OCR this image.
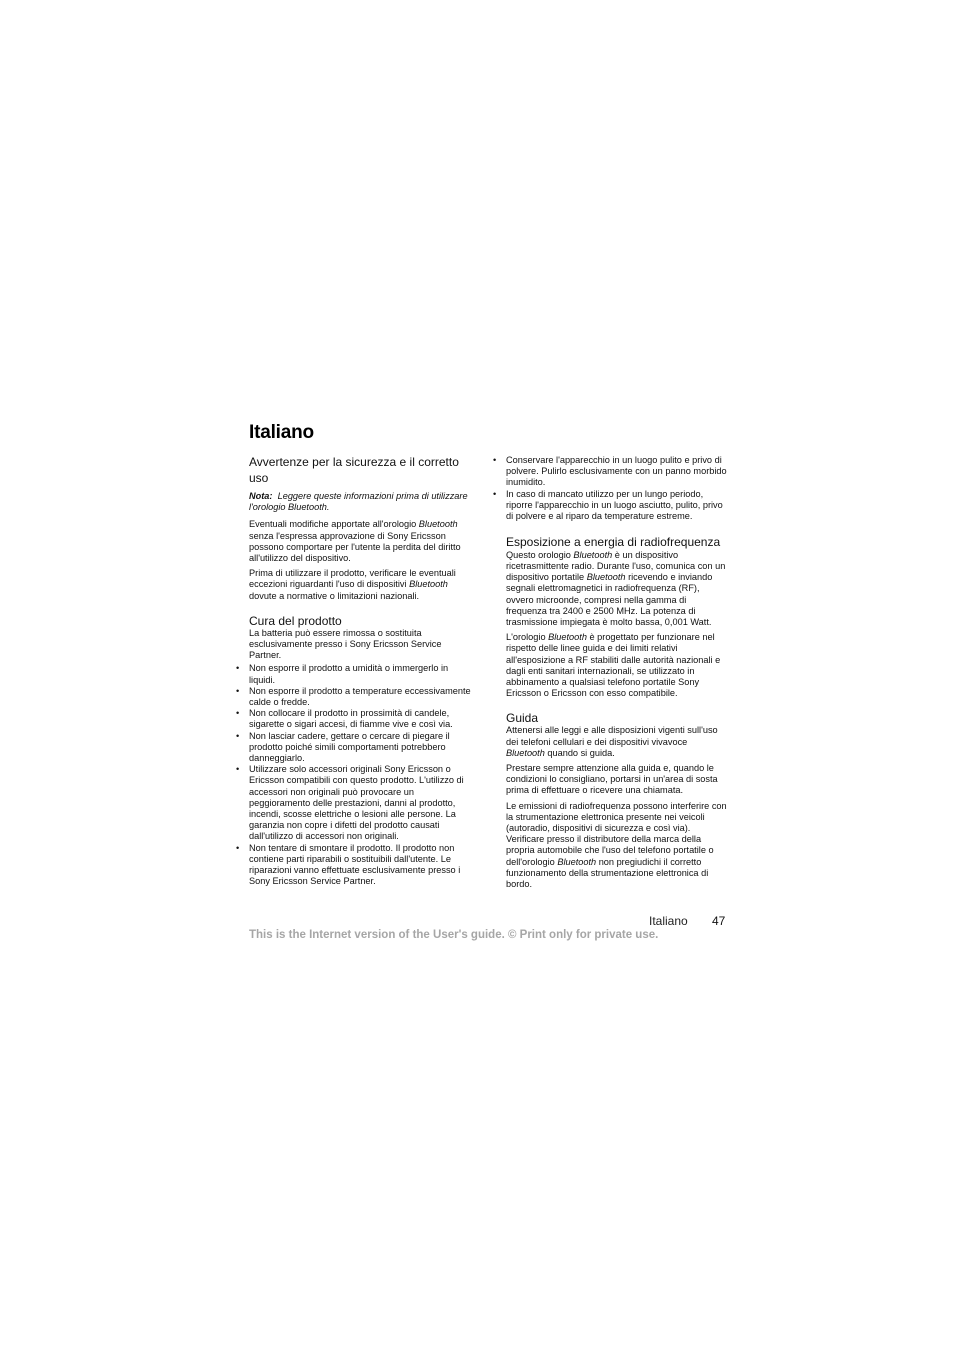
Italiano
Avvertenze per la sicurezza e il corretto uso

Nota: Leggere queste informazioni prima di utilizzare l'orologio Bluetooth.

Eventuali modifiche apportate all'orologio Bluetooth senza l'espressa approvazione di Sony Ericsson possono comportare per l'utente la perdita del diritto all'utilizzo del dispositivo.

Prima di utilizzare il prodotto, verificare le eventuali eccezioni riguardanti l'uso di dispositivi Bluetooth dovute a normative o limitazioni nazionali.

Cura del prodotto

La batteria può essere rimossa o sostituita esclusivamente presso i Sony Ericsson Service Partner.

• Non esporre il prodotto a umidità o immergerlo in liquidi.
• Non esporre il prodotto a temperature eccessivamente calde o fredde.
• Non collocare il prodotto in prossimità di candele, sigarette o sigari accesi, di fiamme vive e così via.
• Non lasciar cadere, gettare o cercare di piegare il prodotto poiché simili comportamenti potrebbero danneggiarlo.
• Utilizzare solo accessori originali Sony Ericsson o Ericsson compatibili con questo prodotto. L'utilizzo di accessori non originali può provocare un peggioramento delle prestazioni, danni al prodotto, incendi, scosse elettriche o lesioni alle persone. La garanzia non copre i difetti del prodotto causati dall'utilizzo di accessori non originali.
• Non tentare di smontare il prodotto. Il prodotto non contiene parti riparabili o sostituibili dall'utente. Le riparazioni vanno effettuate esclusivamente presso i Sony Ericsson Service Partner.
• Conservare l'apparecchio in un luogo pulito e privo di polvere. Pulirlo esclusivamente con un panno morbido inumidito.
• In caso di mancato utilizzo per un lungo periodo, riporre l'apparecchio in un luogo asciutto, pulito, privo di polvere e al riparo da temperature estreme.
Esposizione a energia di radiofrequenza

Questo orologio Bluetooth è un dispositivo ricetrasmittente radio. Durante l'uso, comunica con un dispositivo portatile Bluetooth ricevendo e inviando segnali elettromagnetici in radiofrequenza (RF), ovvero microonde, compresi nella gamma di frequenza tra 2400 e 2500 MHz. La potenza di trasmissione impiegata è molto bassa, 0,001 Watt.

L'orologio Bluetooth è progettato per funzionare nel rispetto delle linee guida e dei limiti relativi all'esposizione a RF stabiliti dalle autorità nazionali e dagli enti sanitari internazionali, se utilizzato in abbinamento a qualsiasi telefono portatile Sony Ericsson o Ericsson con esso compatibile.

Guida

Attenersi alle leggi e alle disposizioni vigenti sull'uso dei telefoni cellulari e dei dispositivi vivavoce Bluetooth quando si guida.

Prestare sempre attenzione alla guida e, quando le condizioni lo consigliano, portarsi in un'area di sosta prima di effettuare o ricevere una chiamata.

Le emissioni di radiofrequenza possono interferire con la strumentazione elettronica presente nei veicoli (autoradio, dispositivi di sicurezza e così via). Verificare presso il distributore della marca della propria automobile che l'uso del telefono portatile o dell'orologio Bluetooth non pregiudichi il corretto funzionamento della strumentazione elettronica di bordo.

Italiano 47
This is the Internet version of the User's guide. © Print only for private use.
